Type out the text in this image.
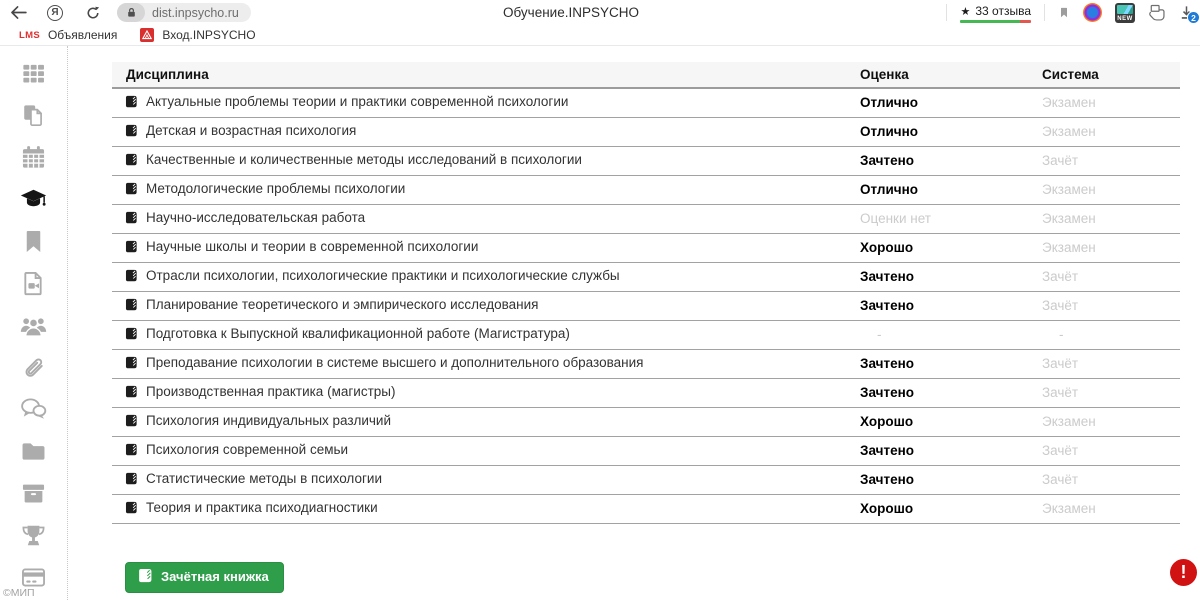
Я	dist.inpsycho.ru	Обучение.INPSYCHO	★ 33 отзыва
NEW	2
LMS Объявления	Вход.INPSYCHO
©МИП
Дисциплина	Оценка	Система
Актуальные проблемы теории и практики современной психологии	Отлично	Экзамен
Детская и возрастная психология	Отлично	Экзамен
Качественные и количественные методы исследований в психологии	Зачтено	Зачёт
Методологические проблемы психологии	Отлично	Экзамен
Научно-исследовательская работа	Оценки нет	Экзамен
Научные школы и теории в современной психологии	Хорошо	Экзамен
Отрасли психологии, психологические практики и психологические службы	Зачтено	Зачёт
Планирование теоретического и эмпирического исследования	Зачтено	Зачёт
Подготовка к Выпускной квалификационной работе (Магистратура)	-	-
Преподавание психологии в системе высшего и дополнительного образования	Зачтено	Зачёт
Производственная практика (магистры)	Зачтено	Зачёт
Психология индивидуальных различий	Хорошо	Экзамен
Психология современной семьи	Зачтено	Зачёт
Статистические методы в психологии	Зачтено	Зачёт
Теория и практика психодиагностики	Хорошо	Экзамен
Зачётная книжка	!
